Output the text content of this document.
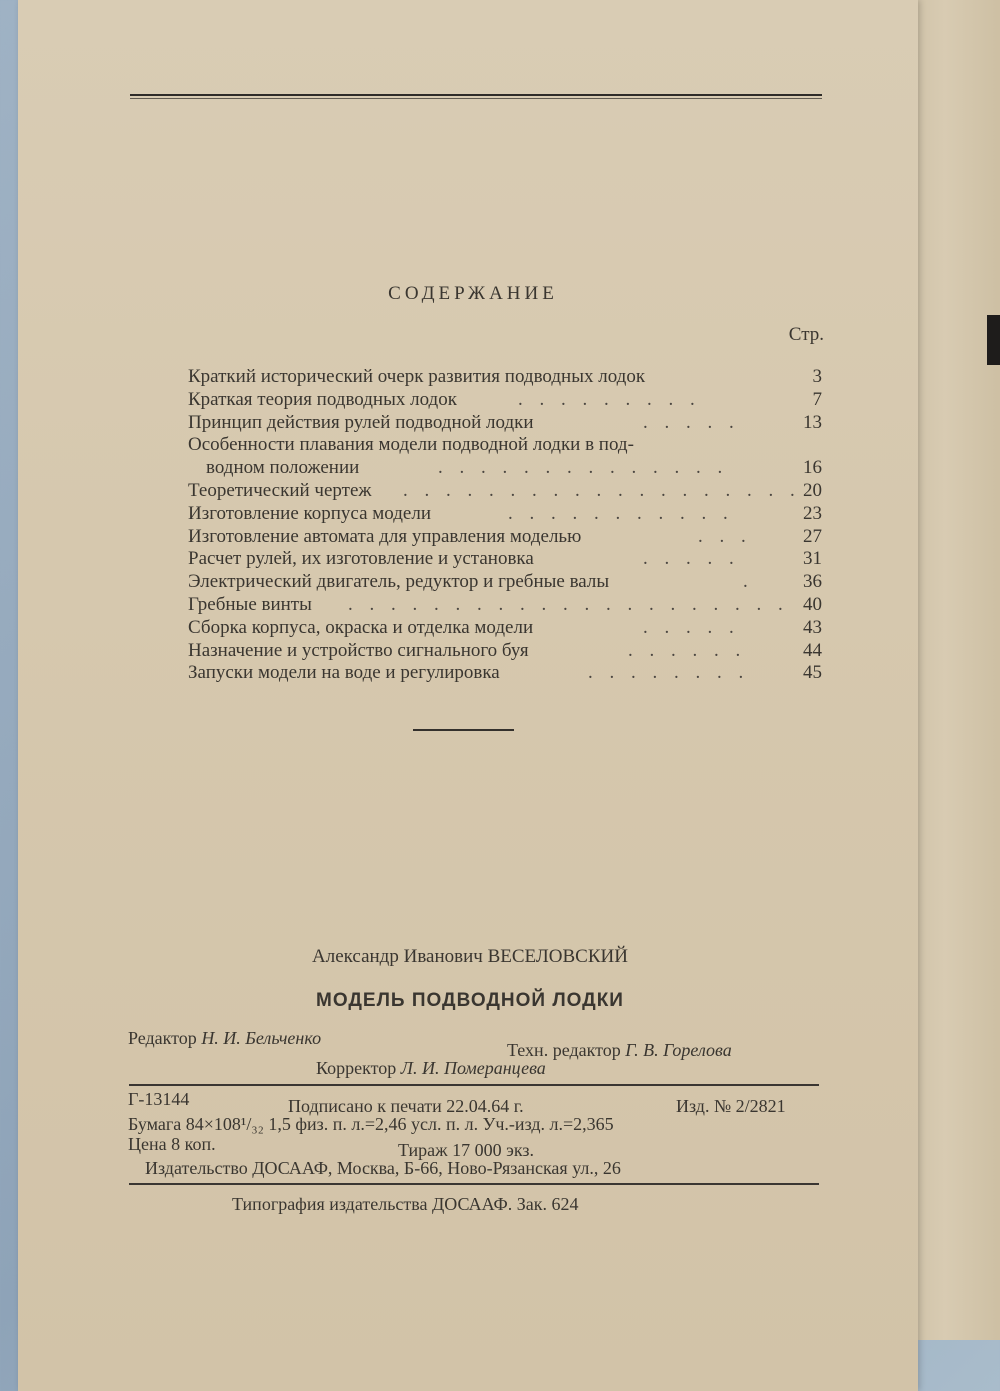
СОДЕРЖАНИЕ
Стр.
Краткий исторический очерк развития подводных лодок	3
Краткая теория подводных лодок	. . . . . . . . .	7
Принцип действия рулей подводной лодки	. . . . .	13
Особенности плавания модели подводной лодки в под-
водном положении	. . . . . . . . . . . . . .	16
Теоретический чертеж . . . . . . . . . . . . . . . . . . . 20
Изготовление корпуса модели	. . . . . . . . . . .	23
Изготовление автомата для управления моделью	. . .	27
Расчет рулей, их изготовление и установка	. . . . .	31
Электрический двигатель, редуктор и гребные валы	.	36
Гребные винты . . . . . . . . . . . . . . . . . . . . . 40
Сборка корпуса, окраска и отделка модели	. . . . .	43
Назначение и устройство сигнального буя	. . . . . .	44
Запуски модели на воде и регулировка	. . . . . . . .	45
Александр Иванович ВЕСЕЛОВСКИЙ
МОДЕЛЬ ПОДВОДНОЙ ЛОДКИ
Редактор Н. И. Бельченко
Техн. редактор Г. В. Горелова
Корректор Л. И. Померанцева
Г-13144	Подписано к печати 22.04.64 г.	Изд. № 2/2821
Бумага 84×108¹/₃₂ 1,5 физ. п. л.=2,46 усл. п. л. Уч.-изд. л.=2,365
Цена 8 коп.	Тираж 17 000 экз.
Издательство ДОСААФ, Москва, Б-66, Ново-Рязанская ул., 26
Типография издательства ДОСААФ. Зак. 624
